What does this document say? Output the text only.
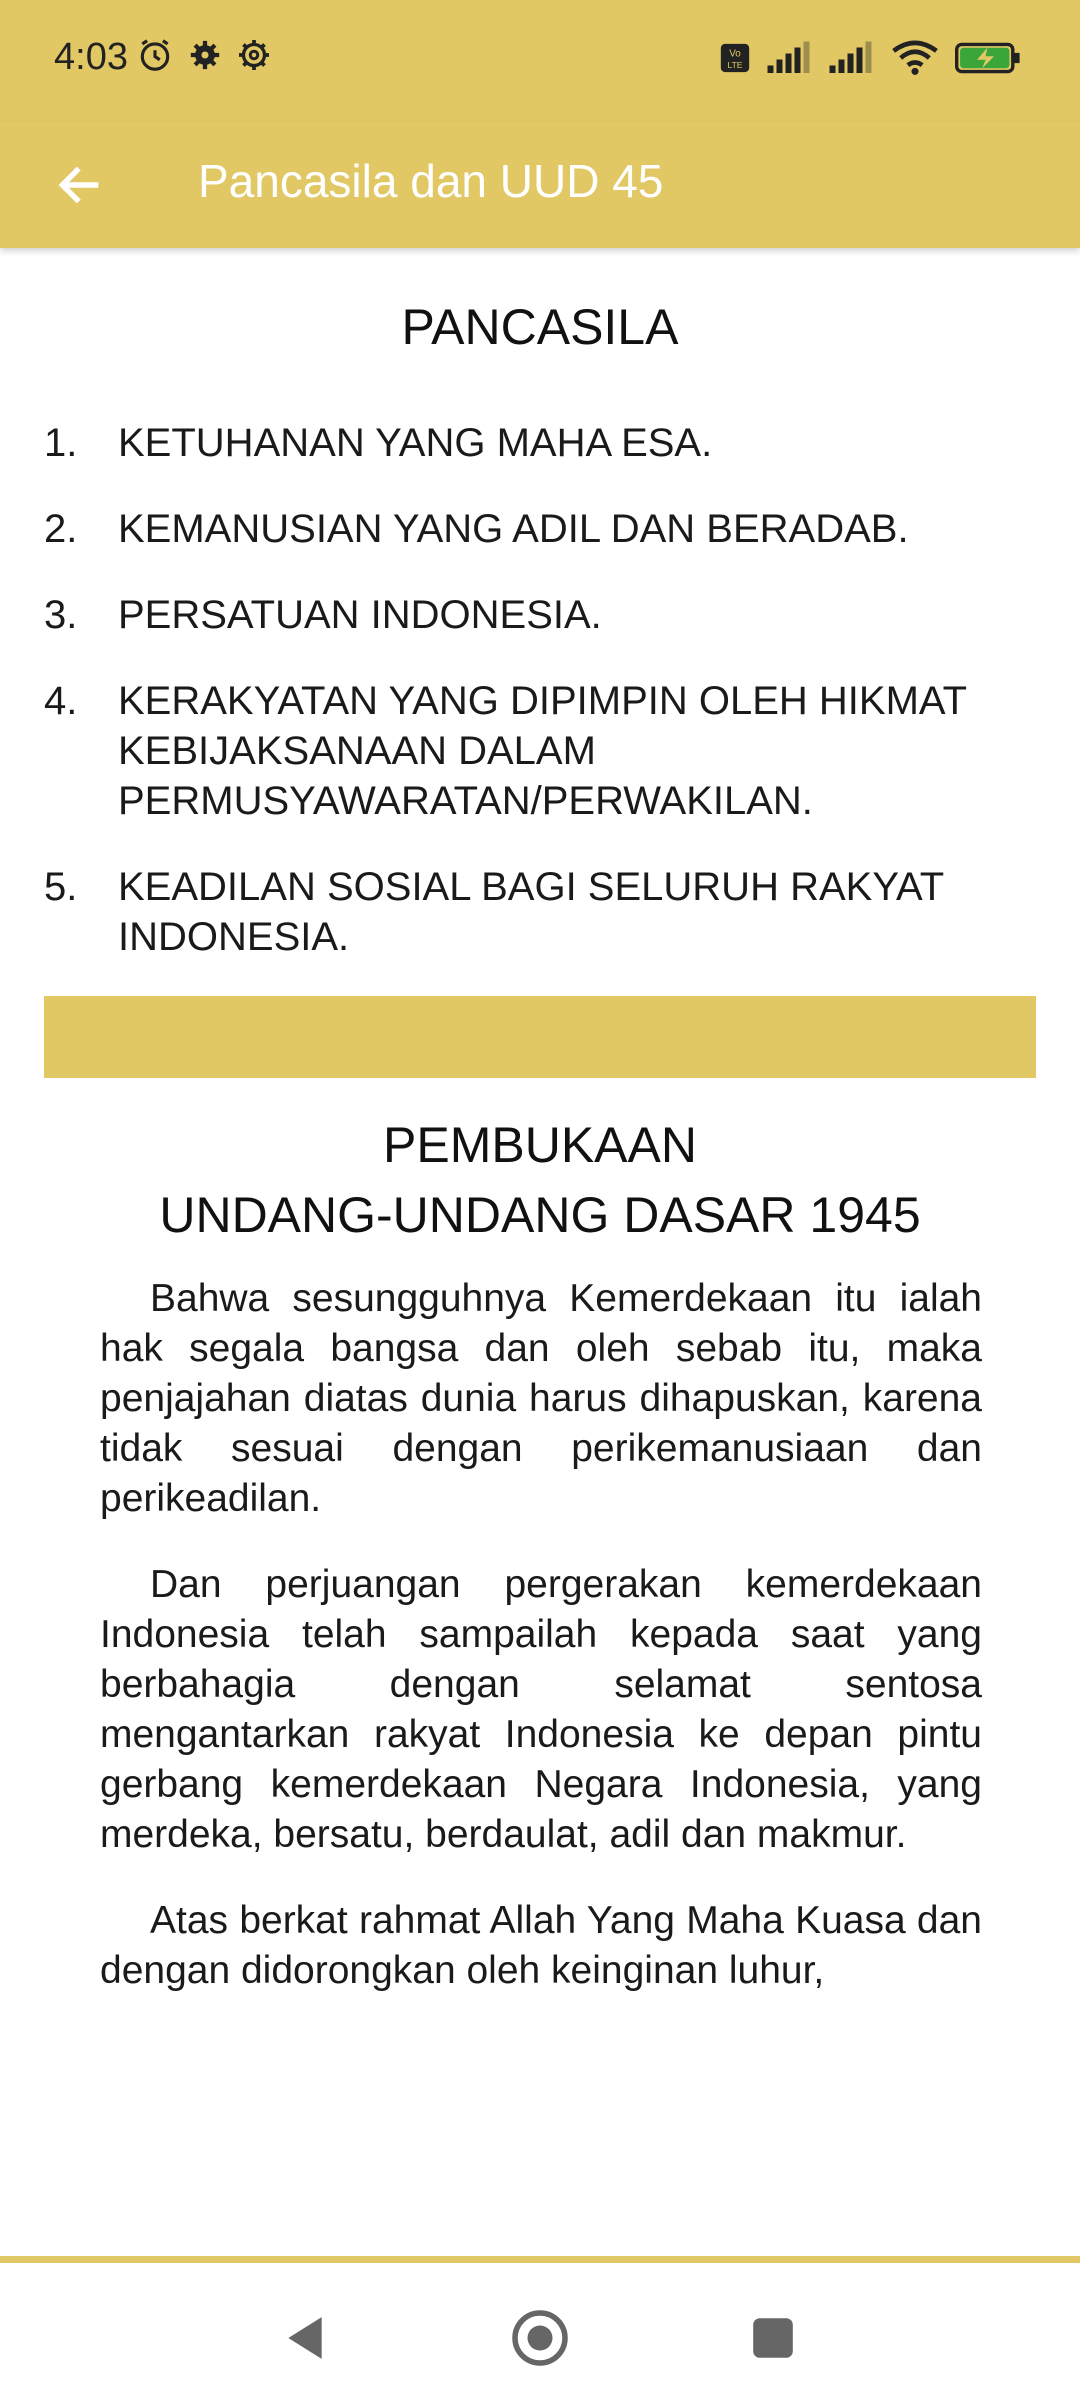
4:03	Vo
LTE
Pancasila dan UUD 45
PANCASILA
1.	KETUHANAN YANG MAHA ESA.
2.	KEMANUSIAN YANG ADIL DAN BERADAB.
3.	PERSATUAN INDONESIA.
4.	KERAKYATAN YANG DIPIMPIN OLEH HIKMAT KEBIJAKSANAAN DALAM PERMUSYAWARATAN/PERWAKILAN.
5.	KEADILAN SOSIAL BAGI SELURUH RAKYAT INDONESIA.
PEMBUKAAN
UNDANG-UNDANG DASAR 1945

Bahwa sesungguhnya Kemerdekaan itu ialah hak segala bangsa dan oleh sebab itu, maka penjajahan diatas dunia harus dihapuskan, karena tidak sesuai dengan perikemanusiaan dan perikeadilan.

Dan perjuangan pergerakan kemerdekaan Indonesia telah sampailah kepada saat yang berbahagia dengan selamat sentosa mengantarkan rakyat Indonesia ke depan pintu gerbang kemerdekaan Negara Indonesia, yang merdeka, bersatu, berdaulat, adil dan makmur.

Atas berkat rahmat Allah Yang Maha Kuasa dan dengan didorongkan oleh keinginan luhur,
